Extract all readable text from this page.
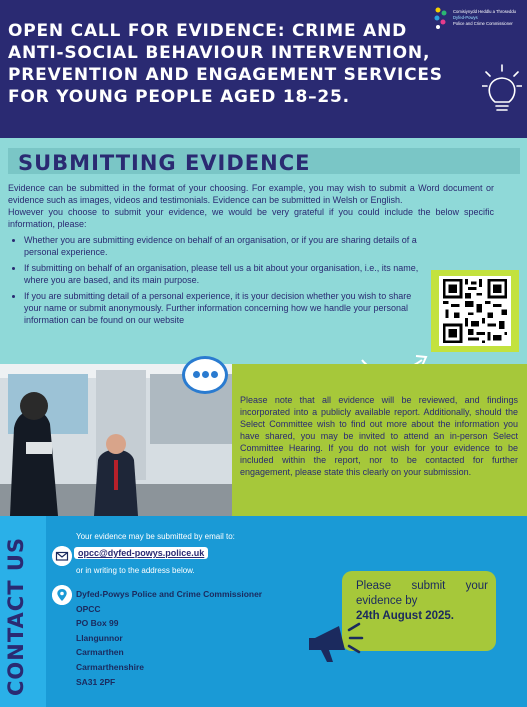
OPEN CALL FOR EVIDENCE: CRIME AND ANTI-SOCIAL BEHAVIOUR INTERVENTION, PREVENTION AND ENGAGEMENT SERVICES FOR YOUNG PEOPLE AGED 18–25.
Comisiynydd Heddlu a Throseddu
Dyfed-Powys
Police and Crime Commissioner
SUBMITTING EVIDENCE

Evidence can be submitted in the format of your choosing. For example, you may wish to submit a Word document or evidence such as images, videos and testimonials. Evidence can be submitted in Welsh or English.

However you choose to submit your evidence, we would be very grateful if you could include the below specific information, please:

• Whether you are submitting evidence on behalf of an organisation, or if you are sharing details of a personal experience.
• If submitting on behalf of an organisation, please tell us a bit about your organisation, i.e., its name, where you are based, and its main purpose.
• If you are submitting detail of a personal experience, it is your decision whether you wish to share your name or submit anonymously. Further information concerning how we handle your personal information can be found on our website
Please note that all evidence will be reviewed, and findings incorporated into a publicly available report. Additionally, should the Select Committee wish to find out more about the information you have shared, you may be invited to attend an in-person Select Committee Hearing. If you do not wish for your evidence to be included within the report, nor to be contacted for further engagement, please state this clearly on your submission.
CONTACT US
Your evidence may be submitted by email to:
opcc@dyfed-powys.police.uk
or in writing to the address below.
Dyfed-Powys Police and Crime Commissioner
OPCC
PO Box 99
Llangunnor
Carmarthen
Carmarthenshire
SA31 2PF
Please submit your evidence by
24th August 2025.
